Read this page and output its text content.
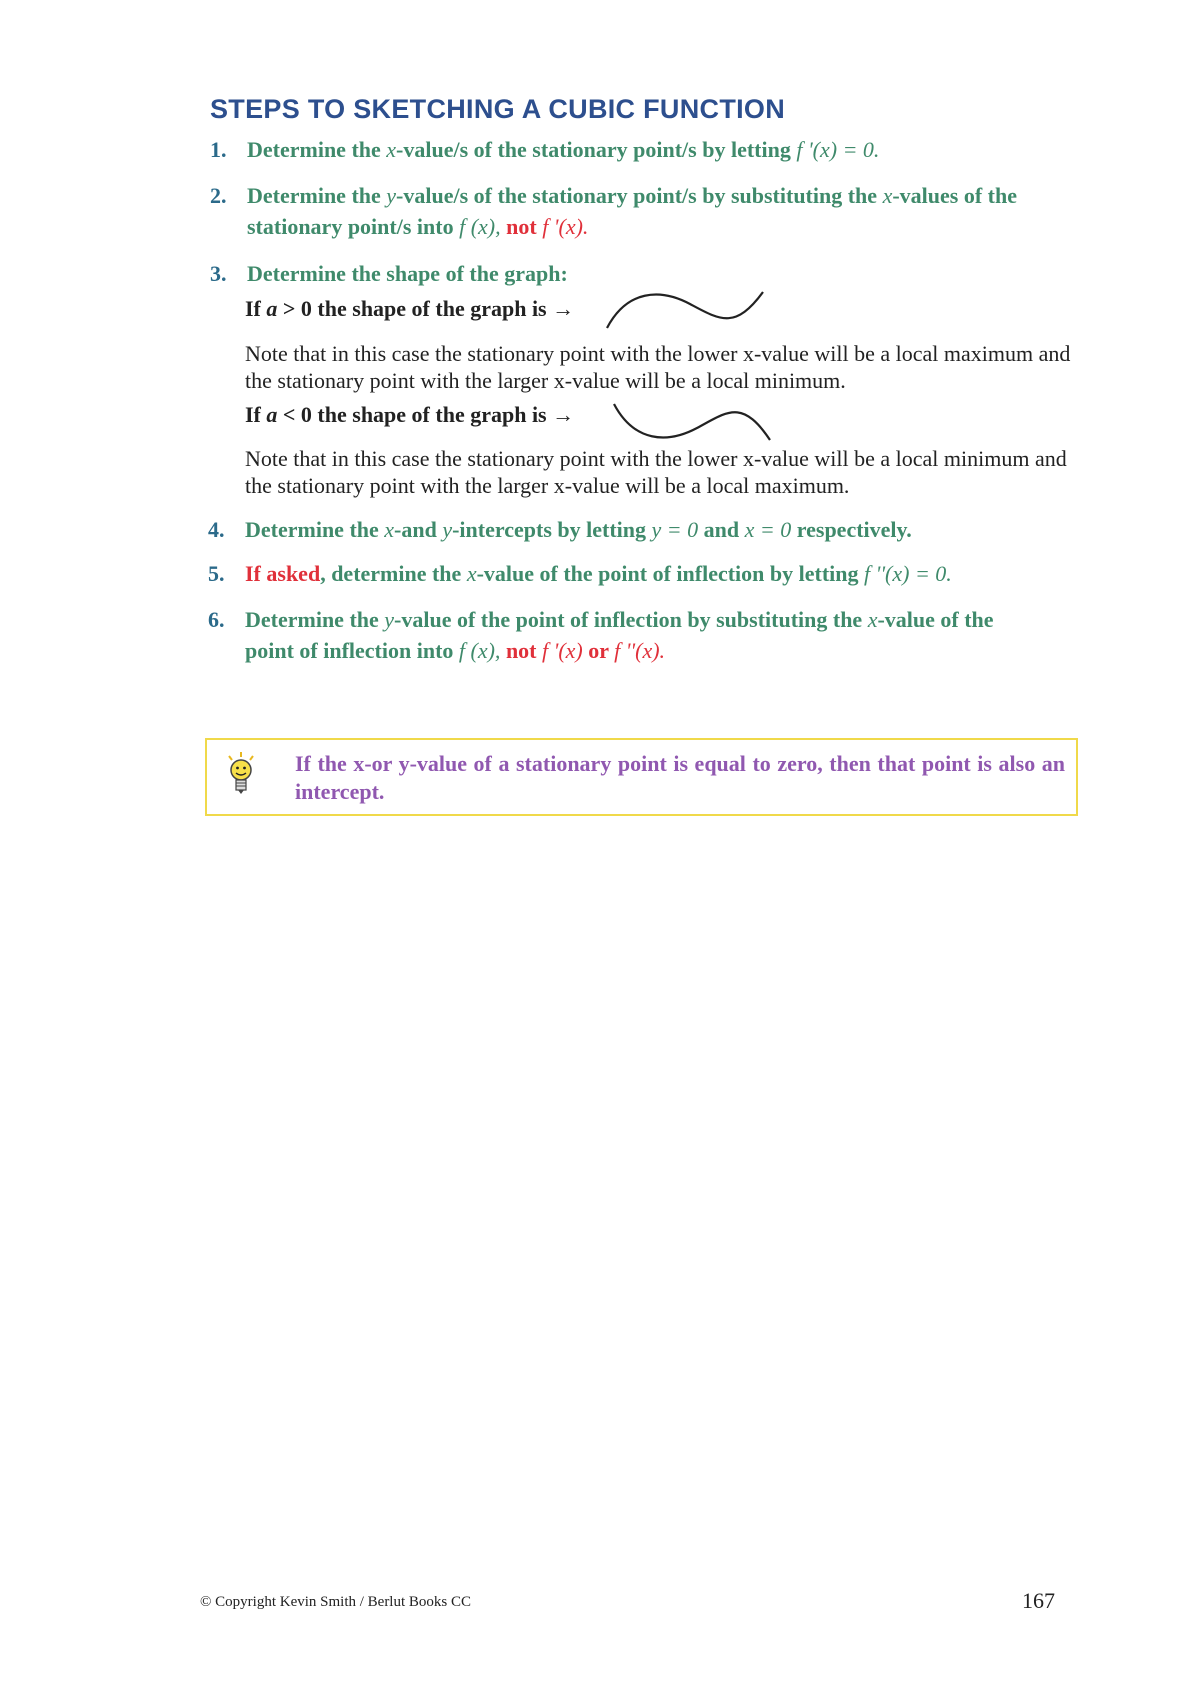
STEPS TO SKETCHING A CUBIC FUNCTION
1. Determine the x-value/s of the stationary point/s by letting f '(x) = 0.
2. Determine the y-value/s of the stationary point/s by substituting the x-values of the
stationary point/s into f (x), not f '(x).
3. Determine the shape of the graph:
If a > 0 the shape of the graph is →
Note that in this case the stationary point with the lower x-value will be a local maximum and the stationary point with the larger x-value will be a local minimum.
If a < 0 the shape of the graph is →
Note that in this case the stationary point with the lower x-value will be a local minimum and the stationary point with the larger x-value will be a local maximum.
4. Determine the x-and y-intercepts by letting y = 0 and x = 0 respectively.
5. If asked, determine the x-value of the point of inflection by letting f ''(x) = 0.
6. Determine the y-value of the point of inflection by substituting the x-value of the
point of inflection into f (x), not f '(x) or f ''(x).
If the x-or y-value of a stationary point is equal to zero, then that point is also an intercept.
© Copyright Kevin Smith / Berlut Books CC	167
